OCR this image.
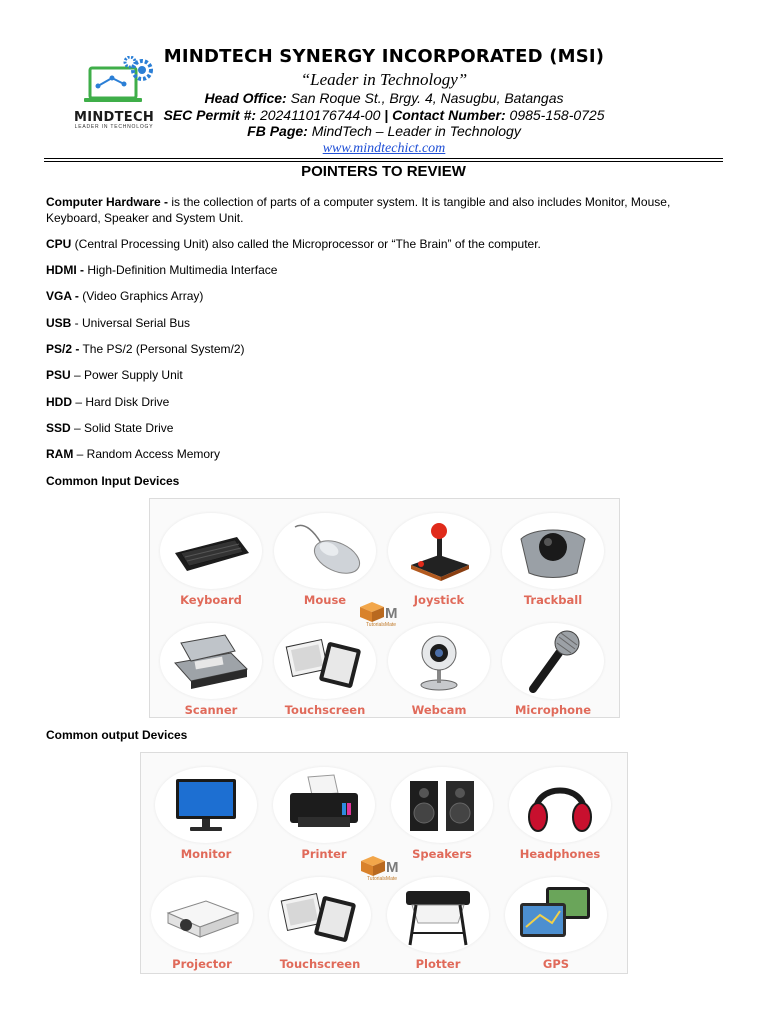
MINDTECH
LEADER IN TECHNOLOGY
MINDTECH SYNERGY INCORPORATED (MSI)
“Leader in Technology”
Head Office: San Roque St., Brgy. 4, Nasugbu, Batangas
SEC Permit #: 2024110176744-00 | Contact Number: 0985-158-0725
FB Page: MindTech – Leader in Technology
www.mindtechict.com
POINTERS TO REVIEW
Computer Hardware - is the collection of parts of a computer system. It is tangible and also includes Monitor, Mouse, Keyboard, Speaker and System Unit.
CPU (Central Processing Unit) also called the Microprocessor or “The Brain” of the computer.
HDMI - High-Definition Multimedia Interface
VGA - (Video Graphics Array)
USB - Universal Serial Bus
PS/2 - The PS/2 (Personal System/2)
PSU – Power Supply Unit
HDD – Hard Disk Drive
SSD – Solid State Drive
RAM – Random Access Memory
Common Input Devices
Keyboard	Mouse	Joystick	Trackball
M
TutorialsMate
Scanner	Touchscreen	Webcam	Microphone
Common output Devices
Monitor	Printer	Speakers	Headphones
M
TutorialsMate
Projector	Touchscreen	Plotter	GPS
